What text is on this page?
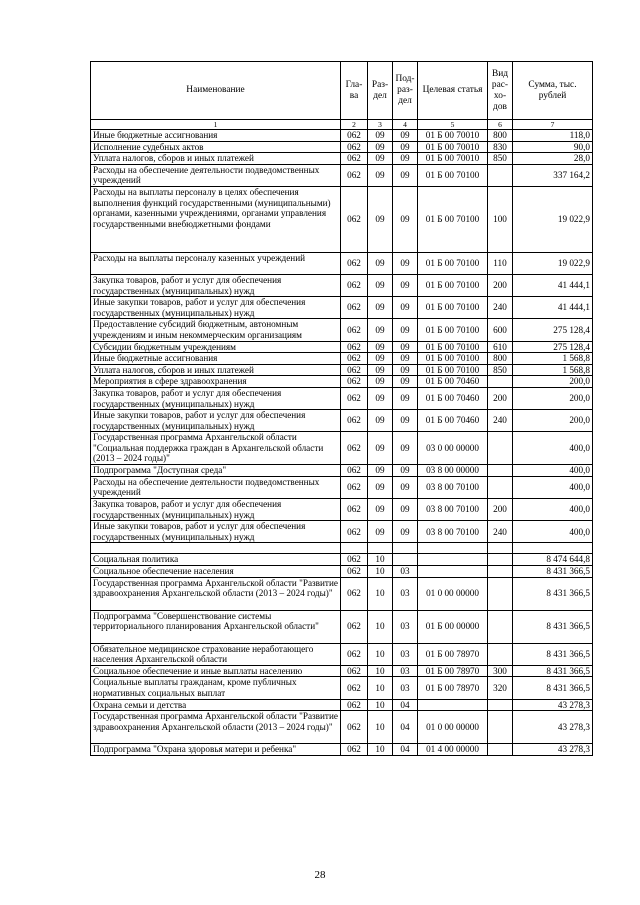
Наименование	Гла-ва	Раз-дел	Под-раз-дел	Целевая статья	Вид рас-хо-дов	Сумма, тыс. рублей
1	2	3	4	5	6	7
Иные бюджетные ассигнования	062	09	09	01 Б 00 70010	800	118,0
Исполнение судебных актов	062	09	09	01 Б 00 70010	830	90,0
Уплата налогов, сборов и иных платежей	062	09	09	01 Б 00 70010	850	28,0
Расходы на обеспечение деятельности подведомственных учреждений	062	09	09	01 Б 00 70100		337 164,2
Расходы на выплаты персоналу в целях обеспечения выполнения функций государственными (муниципальными) органами, казенными учреждениями, органами управления государственными внебюджетными фондами	062	09	09	01 Б 00 70100	100	19 022,9
Расходы на выплаты персоналу казенных учреждений	062	09	09	01 Б 00 70100	110	19 022,9
Закупка товаров, работ и услуг для обеспечения государственных (муниципальных) нужд	062	09	09	01 Б 00 70100	200	41 444,1
Иные закупки товаров, работ и услуг для обеспечения государственных (муниципальных) нужд	062	09	09	01 Б 00 70100	240	41 444,1
Предоставление субсидий бюджетным, автономным учреждениям и иным некоммерческим организациям	062	09	09	01 Б 00 70100	600	275 128,4
Субсидии бюджетным учреждениям	062	09	09	01 Б 00 70100	610	275 128,4
Иные бюджетные ассигнования	062	09	09	01 Б 00 70100	800	1 568,8
Уплата налогов, сборов и иных платежей	062	09	09	01 Б 00 70100	850	1 568,8
Мероприятия в сфере здравоохранения	062	09	09	01 Б 00 70460		200,0
Закупка товаров, работ и услуг для обеспечения государственных (муниципальных) нужд	062	09	09	01 Б 00 70460	200	200,0
Иные закупки товаров, работ и услуг для обеспечения государственных (муниципальных) нужд	062	09	09	01 Б 00 70460	240	200,0
Государственная программа Архангельской области "Социальная поддержка граждан в Архангельской области (2013 – 2024 годы)"	062	09	09	03 0 00 00000		400,0
Подпрограмма "Доступная среда"	062	09	09	03 8 00 00000		400,0
Расходы на обеспечение деятельности подведомственных учреждений	062	09	09	03 8 00 70100		400,0
Закупка товаров, работ и услуг для обеспечения государственных (муниципальных) нужд	062	09	09	03 8 00 70100	200	400,0
Иные закупки товаров, работ и услуг для обеспечения государственных (муниципальных) нужд	062	09	09	03 8 00 70100	240	400,0

Социальная политика	062	10				8 474 644,8
Социальное обеспечение населения	062	10	03			8 431 366,5
Государственная программа Архангельской области "Развитие здравоохранения Архангельской области (2013 – 2024 годы)"	062	10	03	01 0 00 00000		8 431 366,5
Подпрограмма "Совершенствование системы территориального планирования Архангельской области"	062	10	03	01 Б 00 00000		8 431 366,5
Обязательное медицинское страхование неработающего населения Архангельской области	062	10	03	01 Б 00 78970		8 431 366,5
Социальное обеспечение и иные выплаты населению	062	10	03	01 Б 00 78970	300	8 431 366,5
Социальные выплаты гражданам, кроме публичных нормативных социальных выплат	062	10	03	01 Б 00 78970	320	8 431 366,5
Охрана семьи и детства	062	10	04			43 278,3
Государственная программа Архангельской области "Развитие здравоохранения Архангельской области (2013 – 2024 годы)"	062	10	04	01 0 00 00000		43 278,3
Подпрограмма "Охрана здоровья матери и ребенка"	062	10	04	01 4 00 00000		43 278,3
28
